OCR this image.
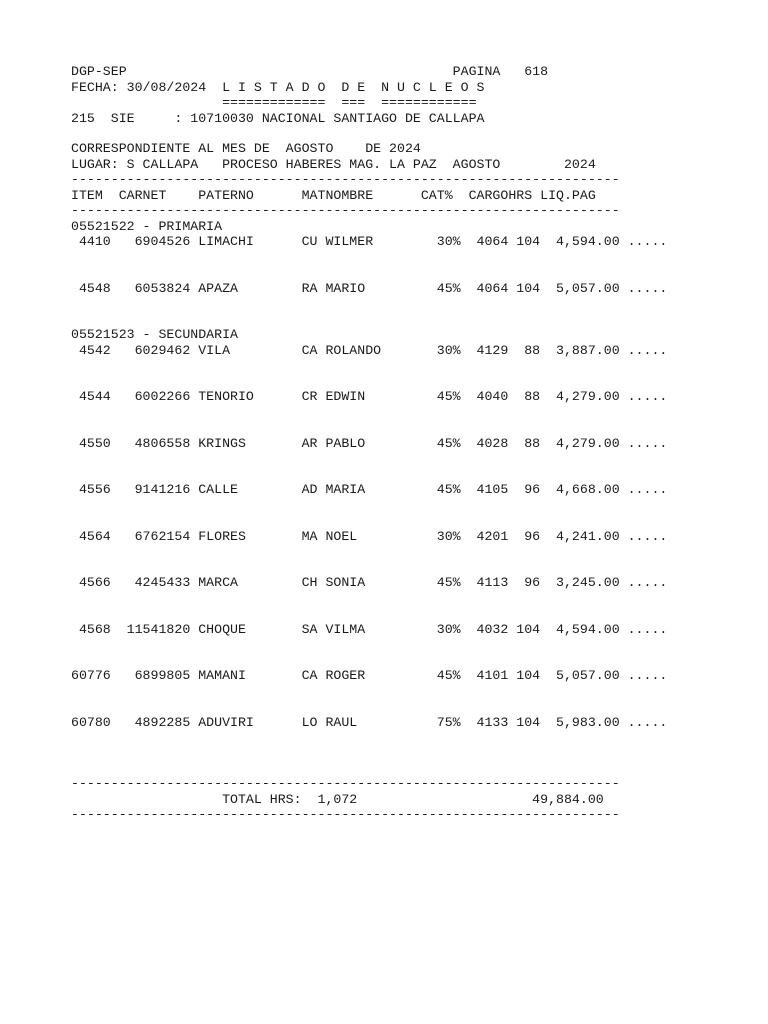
DGP-SEP                                         PAGINA   618
FECHA: 30/08/2024  L I S T A D O  D E  N U C L E O S
=============  ===  ============
215  SIE     : 10710030 NACIONAL SANTIAGO DE CALLAPA
CORRESPONDIENTE AL MES DE  AGOSTO    DE 2024
LUGAR: S CALLAPA   PROCESO HABERES MAG. LA PAZ  AGOSTO        2024
---------------------------------------------------------------------
ITEM  CARNET    PATERNO      MATNOMBRE      CAT%  CARGOHRS LIQ.PAG
---------------------------------------------------------------------
05521522 - PRIMARIA
4410   6904526 LIMACHI      CU WILMER        30%  4064 104  4,594.00 .....
4548   6053824 APAZA        RA MARIO         45%  4064 104  5,057.00 .....
05521523 - SECUNDARIA
4542   6029462 VILA         CA ROLANDO       30%  4129  88  3,887.00 .....
4544   6002266 TENORIO      CR EDWIN         45%  4040  88  4,279.00 .....
4550   4806558 KRINGS       AR PABLO         45%  4028  88  4,279.00 .....
4556   9141216 CALLE        AD MARIA         45%  4105  96  4,668.00 .....
4564   6762154 FLORES       MA NOEL          30%  4201  96  4,241.00 .....
4566   4245433 MARCA        CH SONIA         45%  4113  96  3,245.00 .....
4568  11541820 CHOQUE       SA VILMA         30%  4032 104  4,594.00 .....
60776   6899805 MAMANI       CA ROGER         45%  4101 104  5,057.00 .....
60780   4892285 ADUVIRI      LO RAUL          75%  4133 104  5,983.00 .....
---------------------------------------------------------------------
TOTAL HRS:  1,072                      49,884.00
---------------------------------------------------------------------
